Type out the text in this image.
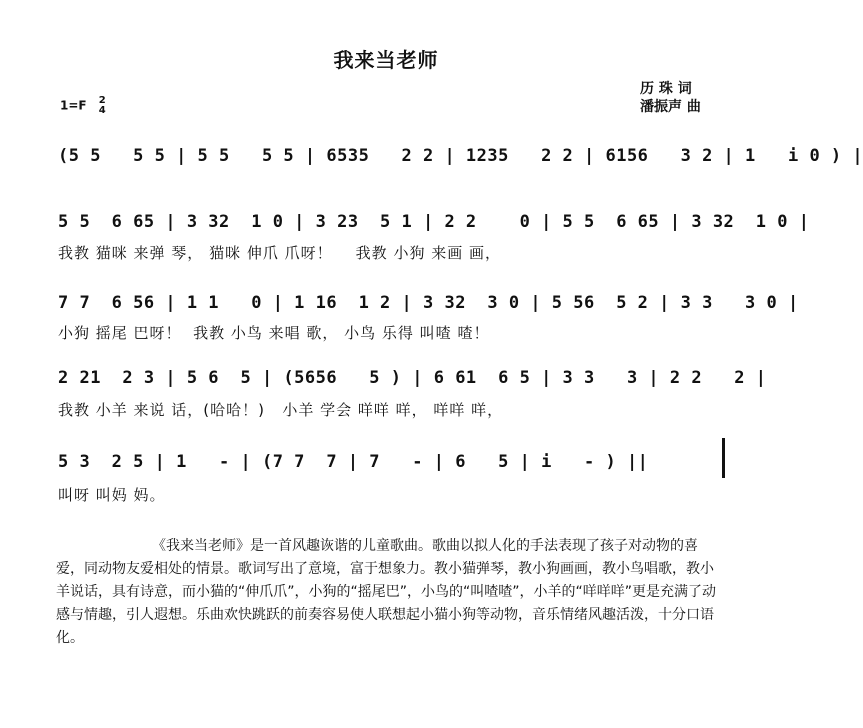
我来当老师
1=F 2
4
历 珠 词
潘振声 曲
(5 5   5 5 | 5 5   5 5 | 6535   2 2 | 1235   2 2 | 6156   3 2 | 1   i 0 ) |
5 5  6 65 | 3 32  1 0 | 3 23  5 1 | 2 2    0 | 5 5  6 65 | 3 32  1 0 |
我教 猫咪 来弹 琴， 猫咪 伸爪 爪呀！    我教 小狗 来画 画，
7 7  6 56 | 1 1   0 | 1 16  1 2 | 3 32  3 0 | 5 56  5 2 | 3 3   3 0 |
小狗 摇尾 巴呀！  我教 小鸟 来唱 歌， 小鸟 乐得 叫喳 喳！
2 21  2 3 | 5 6  5 | (5656   5 ) | 6 61  6 5 | 3 3   3 | 2 2   2 |
我教 小羊 来说 话，(哈哈！)   小羊 学会 咩咩 咩， 咩咩 咩，
5 3  2 5 | 1   - | (7 7  7 | 7   - | 6   5 | i   - ) ||
叫呀 叫妈 妈。
《我来当老师》是一首风趣诙谐的儿童歌曲。歌曲以拟人化的手法表现了孩子对动物的喜爱，同动物友爱相处的情景。歌词写出了意境，富于想象力。教小猫弹琴，教小狗画画，教小鸟唱歌，教小羊说话，具有诗意，而小猫的“伸爪爪”，小狗的“摇尾巴”，小鸟的“叫喳喳”，小羊的“咩咩咩”更是充满了动感与情趣，引人遐想。乐曲欢快跳跃的前奏容易使人联想起小猫小狗等动物，音乐情绪风趣活泼，十分口语化。
